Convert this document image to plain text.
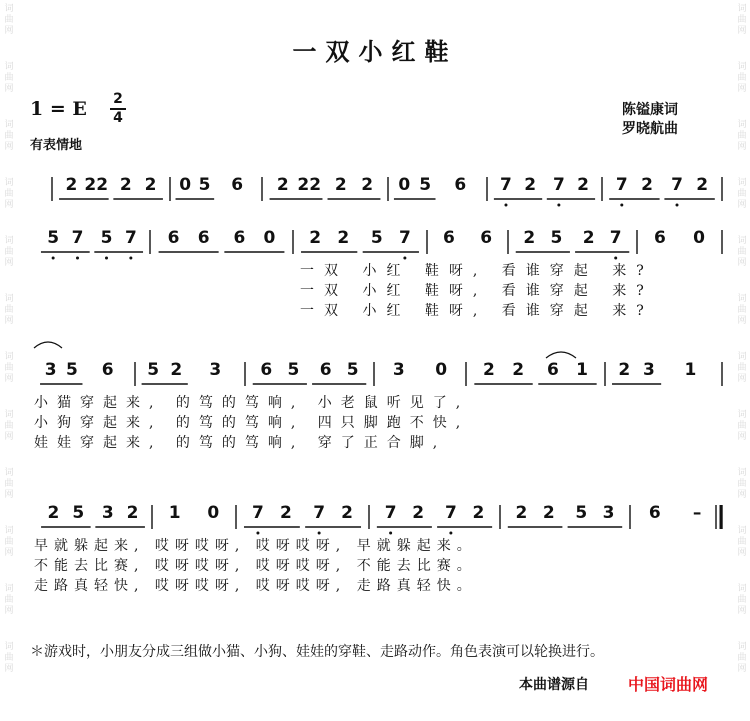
词曲网
词曲网
词曲网
词曲网
词曲网
词曲网
词曲网
词曲网
词曲网
词曲网
词曲网
词曲网
词曲网
词曲网
词曲网
词曲网
词曲网
词曲网
词曲网
词曲网
词曲网
词曲网
词曲网
词曲网
一双小红鞋
1 = E 2
4
有表情地
陈镒康词
罗晓航曲
2 22 2 2 0 5 6 2 22 2 2 0 5 6 7 2 7 2 7 2 7 2
5 7 5 7 6 6 6 0 2 2 5 7 6 6 2 5 2 7 6 0
一双 小红 鞋呀, 看谁穿起 来?
一双 小红 鞋呀, 看谁穿起 来?
一双 小红 鞋呀, 看谁穿起 来?
3 5 6 5 2 3 6 5 6 5 3 0 2 2 6 1 2 3 1
小猫穿起来, 的笃的笃响, 小老鼠听见了,
小狗穿起来, 的笃的笃响, 四只脚跑不快,
娃娃穿起来, 的笃的笃响, 穿了正合脚,
2 5 3 2 1 0 7 2 7 2 7 2 7 2 2 2 5 3 6 –
早就躲起来, 哎呀哎呀, 哎呀哎呀, 早就躲起来。
不能去比赛, 哎呀哎呀, 哎呀哎呀, 不能去比赛。
走路真轻快, 哎呀哎呀, 哎呀哎呀, 走路真轻快。
＊游戏时，小朋友分成三组做小猫、小狗、娃娃的穿鞋、走路动作。角色表演可以轮换进行。
本曲谱源自 中国词曲网
